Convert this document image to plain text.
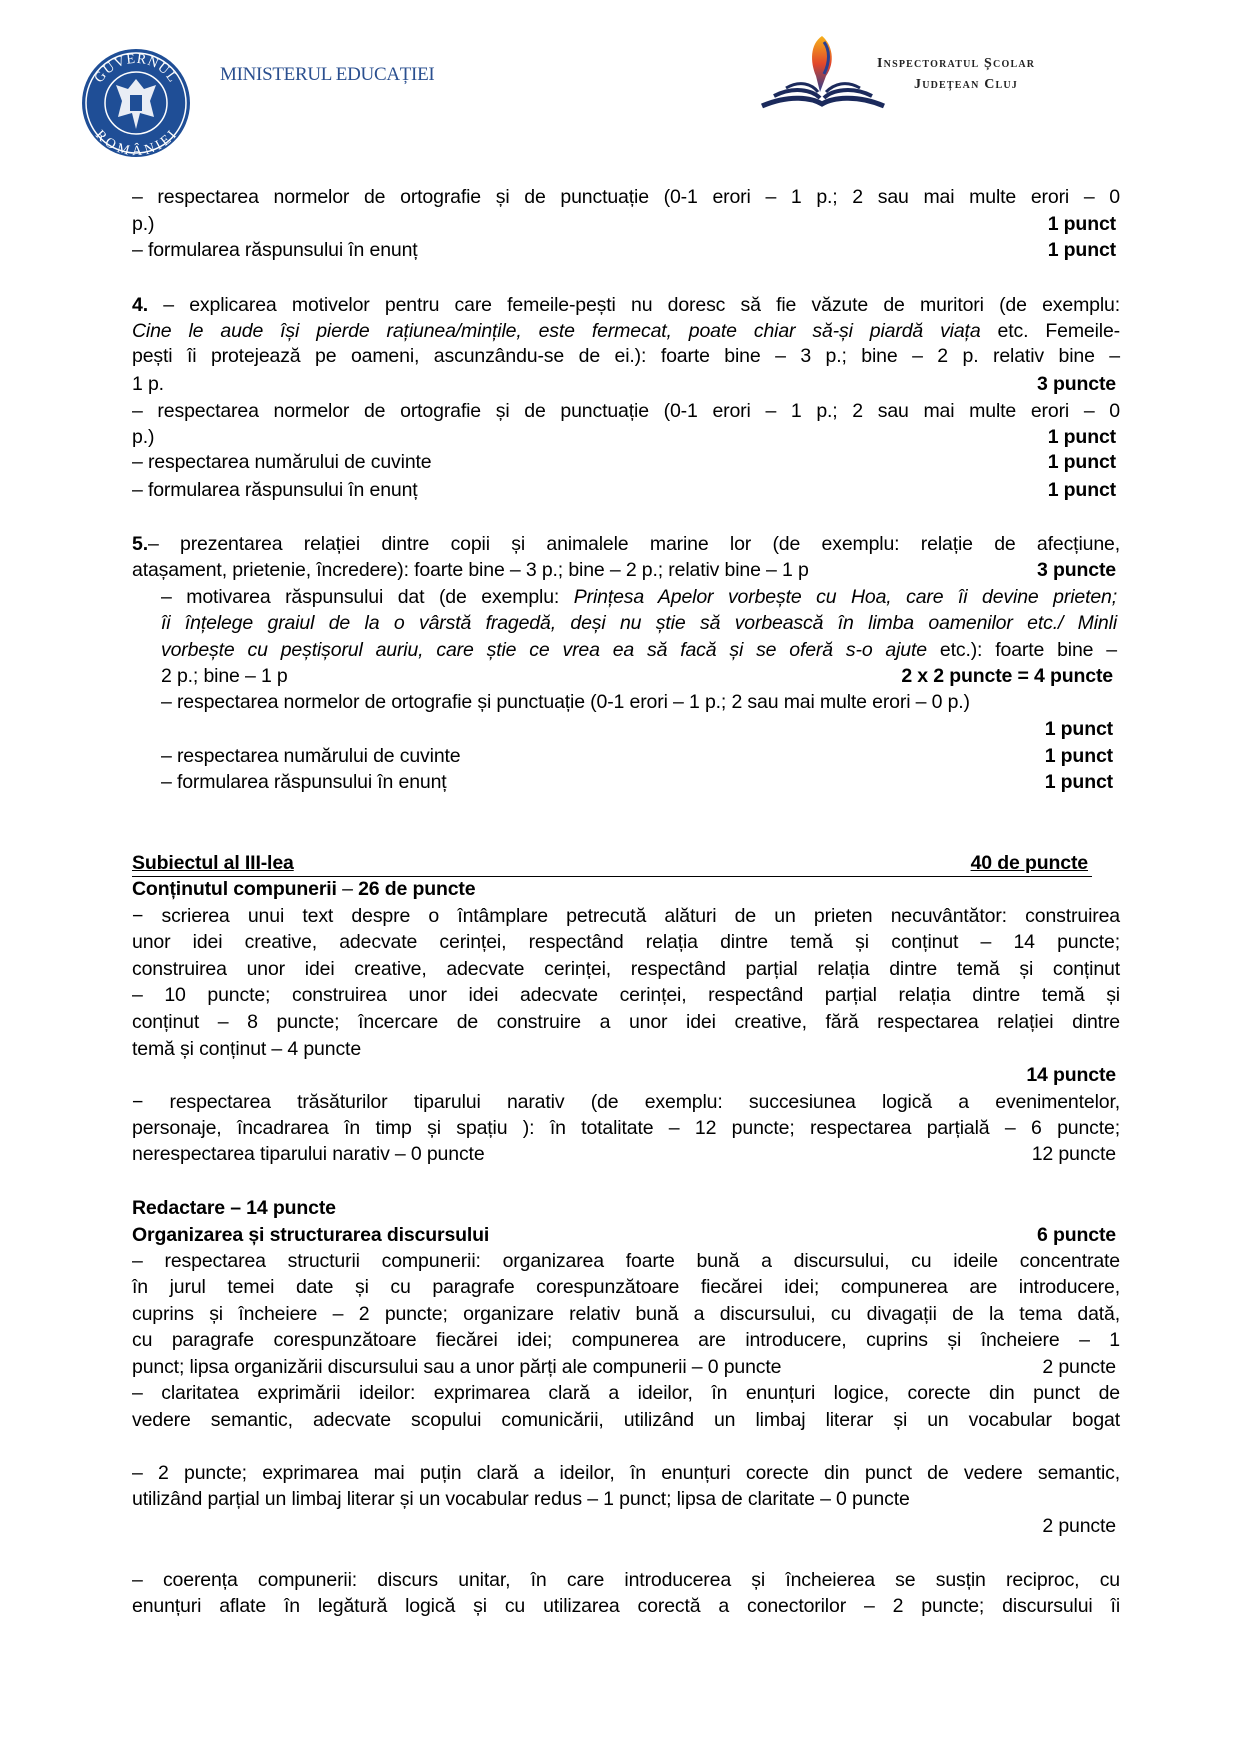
GUVERNUL
ROMÂNIEI
MINISTERUL EDUCAȚIEI
Inspectoratul Școlar
Județean Cluj
– respectarea normelor de ortografie și de punctuație (0-1 erori – 1 p.; 2 sau mai multe erori – 0
p.)	1 punct
– formularea răspunsului în enunț	1 punct
4. – explicarea motivelor pentru care femeile-pești nu doresc să fie văzute de muritori (de exemplu:
Cine le aude își pierde rațiunea/mințile, este fermecat, poate chiar să-și piardă viața etc. Femeile-
pești îi protejează pe oameni, ascunzându-se de ei.): foarte bine – 3 p.; bine – 2 p. relativ bine –
1 p.	3 puncte
– respectarea normelor de ortografie și de punctuație (0-1 erori – 1 p.; 2 sau mai multe erori – 0
p.)	1 punct
– respectarea numărului de cuvinte	1 punct
– formularea răspunsului în enunț	1 punct
5.– prezentarea relației dintre copii și animalele marine lor (de exemplu: relație de afecțiune,
atașament, prietenie, încredere): foarte bine – 3 p.; bine – 2 p.; relativ bine – 1 p	3 puncte
– motivarea răspunsului dat (de exemplu: Prințesa Apelor vorbește cu Hoa, care îi devine prieten;
îi înțelege graiul de la o vârstă fragedă, deși nu știe să vorbească în limba oamenilor etc./ Minli
vorbește cu peștișorul auriu, care știe ce vrea ea să facă și se oferă s-o ajute etc.): foarte bine –
2 p.; bine – 1 p	2 x 2 puncte = 4 puncte
– respectarea normelor de ortografie și punctuație (0-1 erori – 1 p.; 2 sau mai multe erori – 0 p.)
1 punct
– respectarea numărului de cuvinte	1 punct
– formularea răspunsului în enunț	1 punct
Subiectul al III-lea	40 de puncte
Conținutul compunerii – 26 de puncte
− scrierea unui text despre o întâmplare petrecută alături de un prieten necuvântător: construirea
unor idei creative, adecvate cerinței, respectând relația dintre temă și conținut – 14 puncte;
construirea unor idei creative, adecvate cerinței, respectând parțial relația dintre temă și conținut
– 10 puncte; construirea unor idei adecvate cerinței, respectând parțial relația dintre temă și
conținut – 8 puncte; încercare de construire a unor idei creative, fără respectarea relației dintre
temă și conținut – 4 puncte
14 puncte
− respectarea trăsăturilor tiparului narativ (de exemplu: succesiunea logică a evenimentelor,
personaje, încadrarea în timp și spațiu ): în totalitate – 12 puncte; respectarea parțială – 6 puncte;
nerespectarea tiparului narativ – 0 puncte	12 puncte
Redactare – 14 puncte
Organizarea și structurarea discursului	6 puncte
– respectarea structurii compunerii: organizarea foarte bună a discursului, cu ideile concentrate
în jurul temei date și cu paragrafe corespunzătoare fiecărei idei; compunerea are introducere,
cuprins și încheiere – 2 puncte; organizare relativ bună a discursului, cu divagații de la tema dată,
cu paragrafe corespunzătoare fiecărei idei; compunerea are introducere, cuprins și încheiere – 1
punct; lipsa organizării discursului sau a unor părți ale compunerii – 0 puncte	2 puncte
– claritatea exprimării ideilor: exprimarea clară a ideilor, în enunțuri logice, corecte din punct de
vedere semantic, adecvate scopului comunicării, utilizând un limbaj literar și un vocabular bogat
– 2 puncte; exprimarea mai puțin clară a ideilor, în enunțuri corecte din punct de vedere semantic,
utilizând parțial un limbaj literar și un vocabular redus – 1 punct; lipsa de claritate – 0 puncte
2 puncte
– coerența compunerii: discurs unitar, în care introducerea și încheierea se susțin reciproc, cu
enunțuri aflate în legătură logică și cu utilizarea corectă a conectorilor – 2 puncte; discursului îi
